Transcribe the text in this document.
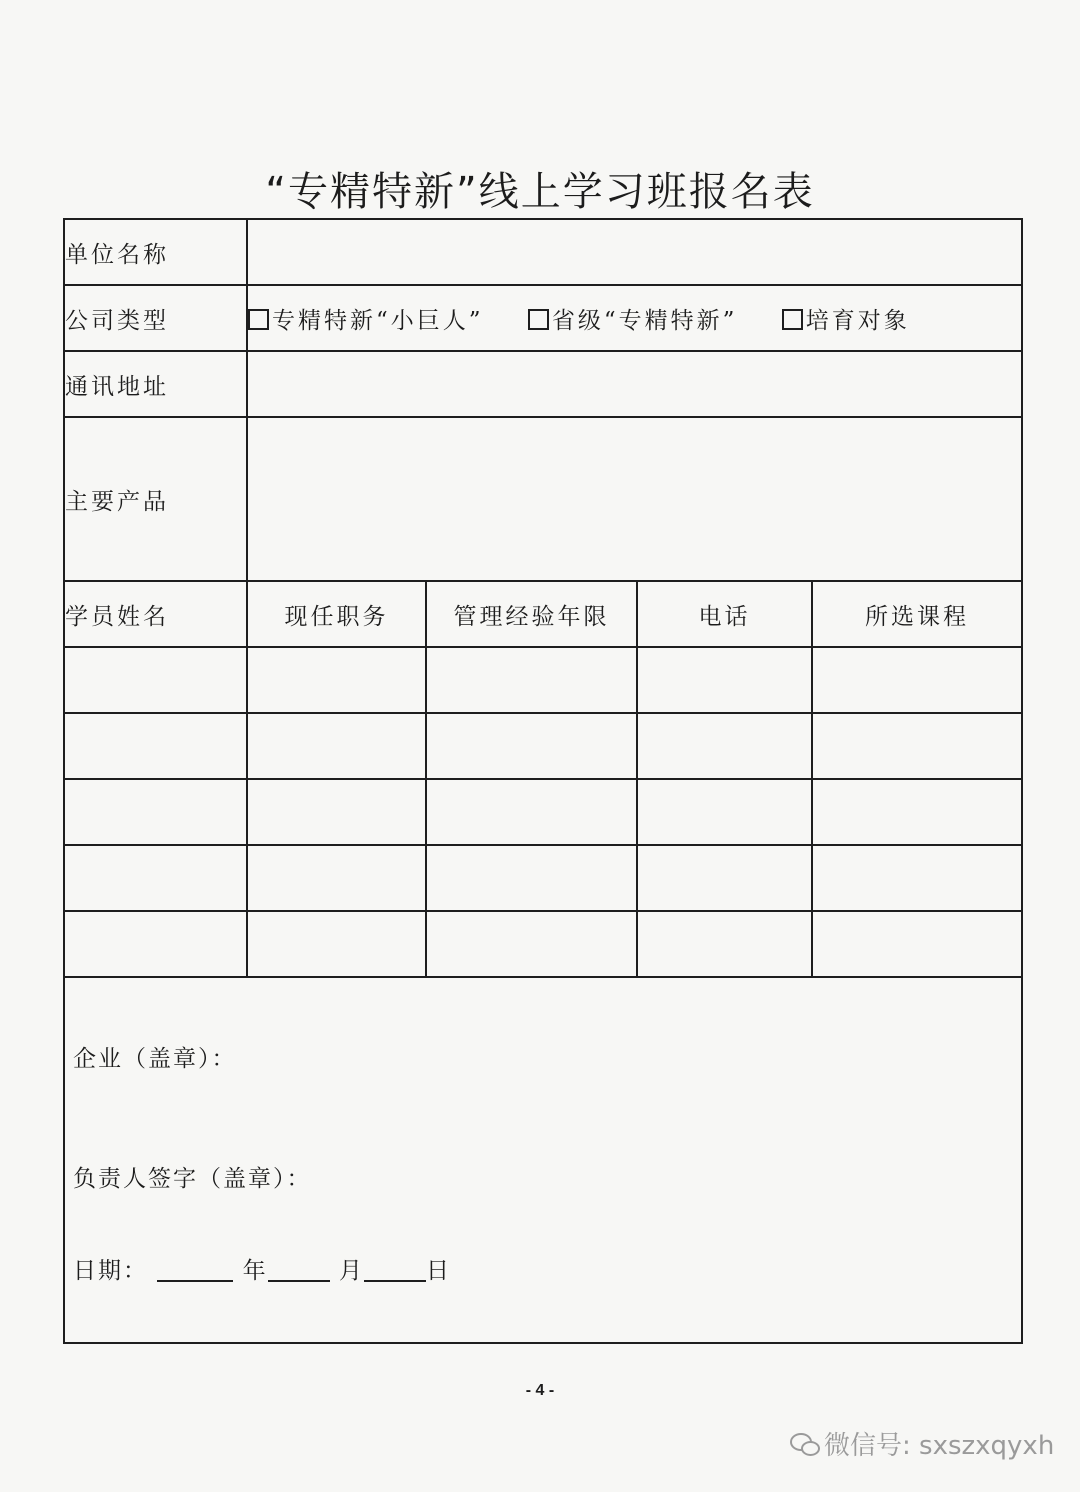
“专精特新”线上学习班报名表
单位名称				
公司类型	专精特新“小巨人” 省级“专精特新” 培育对象			
通讯地址				
主要产品				
学员姓名	现任职务	管理经验年限	电话	所选课程

企业（盖章）：
负责人签字（盖章）：
日期： 年 月 日				
- 4 -
微信号: sxszxqyxh
